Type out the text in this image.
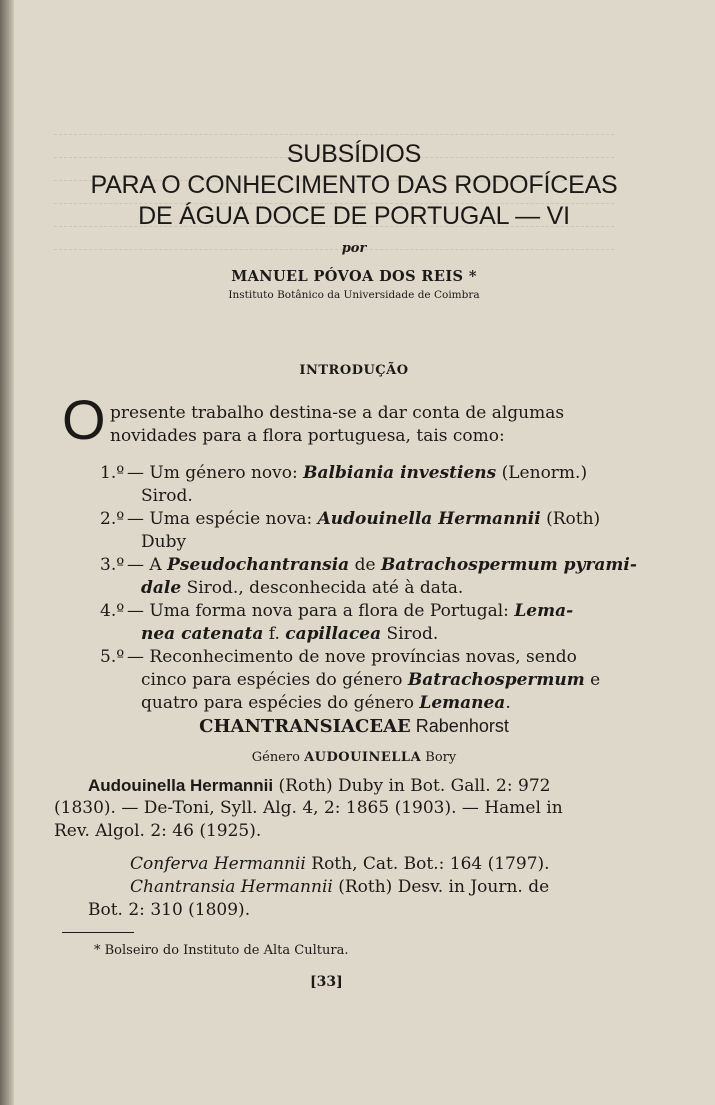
SUBSÍDIOS
PARA O CONHECIMENTO DAS RODOFÍCEAS
DE ÁGUA DOCE DE PORTUGAL — VI
por
MANUEL PÓVOA DOS REIS *
Instituto Botânico da Universidade de Coimbra
INTRODUÇÃO
O presente trabalho destina-se a dar conta de algumas
novidades para a flora portuguesa, tais como:
1.º — Um género novo: Balbiania investiens (Lenorm.)
Sirod.
2.º — Uma espécie nova: Audouinella Hermannii (Roth)
Duby
3.º — A Pseudochantransia de Batrachospermum pyrami-
dale Sirod., desconhecida até à data.
4.º — Uma forma nova para a flora de Portugal: Lema-
nea catenata f. capillacea Sirod.
5.º — Reconhecimento de nove províncias novas, sendo
cinco para espécies do género Batrachospermum e
quatro para espécies do género Lemanea.
CHANTRANSIACEAE Rabenhorst
Género AUDOUINELLA Bory
Audouinella Hermannii (Roth) Duby in Bot. Gall. 2: 972
(1830). — De-Toni, Syll. Alg. 4, 2: 1865 (1903). — Hamel in
Rev. Algol. 2: 46 (1925).
Conferva Hermannii Roth, Cat. Bot.: 164 (1797).
Chantransia Hermannii (Roth) Desv. in Journ. de
Bot. 2: 310 (1809).
* Bolseiro do Instituto de Alta Cultura.
[33]
